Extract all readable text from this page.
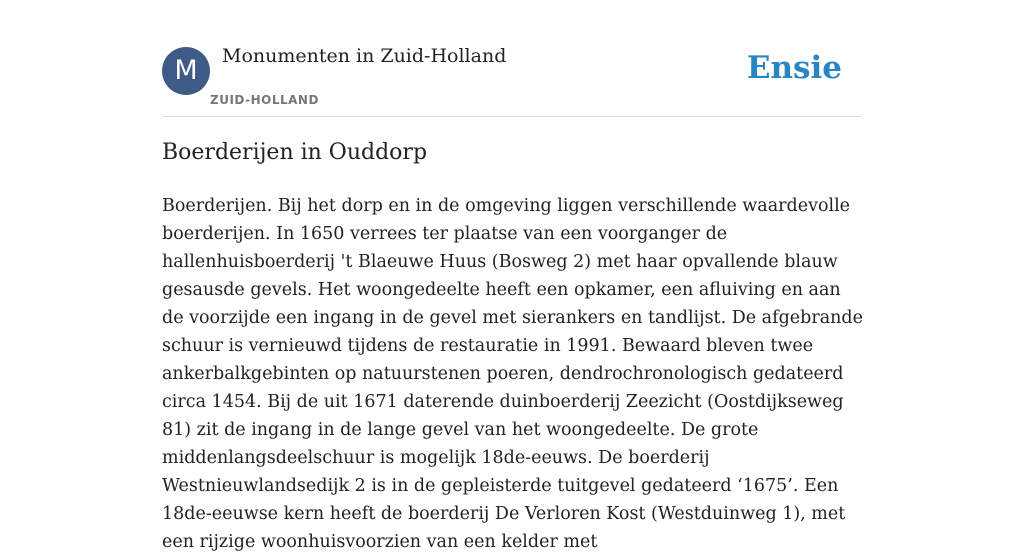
M	Monumenten in Zuid-Holland
ZUID-HOLLAND
Ensie
Boerderijen in Ouddorp

Boerderijen. Bij het dorp en in de omgeving liggen verschillende waardevolle boerderijen. In 1650 verrees ter plaatse van een voorganger de hallenhuisboerderij 't Blaeuwe Huus (Bosweg 2) met haar opvallende blauw gesausde gevels. Het woongedeelte heeft een opkamer, een afluiving en aan de voorzijde een ingang in de gevel met sierankers en tandlijst. De afgebrande schuur is vernieuwd tijdens de restauratie in 1991. Bewaard bleven twee ankerbalkgebinten op natuurstenen poeren, dendrochronologisch gedateerd circa 1454. Bij de uit 1671 daterende duinboerderij Zeezicht (Oostdijkseweg 81) zit de ingang in de lange gevel van het woongedeelte. De grote middenlangsdeelschuur is mogelijk 18de-eeuws. De boerderij Westnieuwlandsedijk 2 is in de gepleisterde tuitgevel gedateerd ‘1675’. Een 18de-eeuwse kern heeft de boerderij De Verloren Kost (Westduinweg 1), met een rijzige woonhuisvoorzien van een kelder met
